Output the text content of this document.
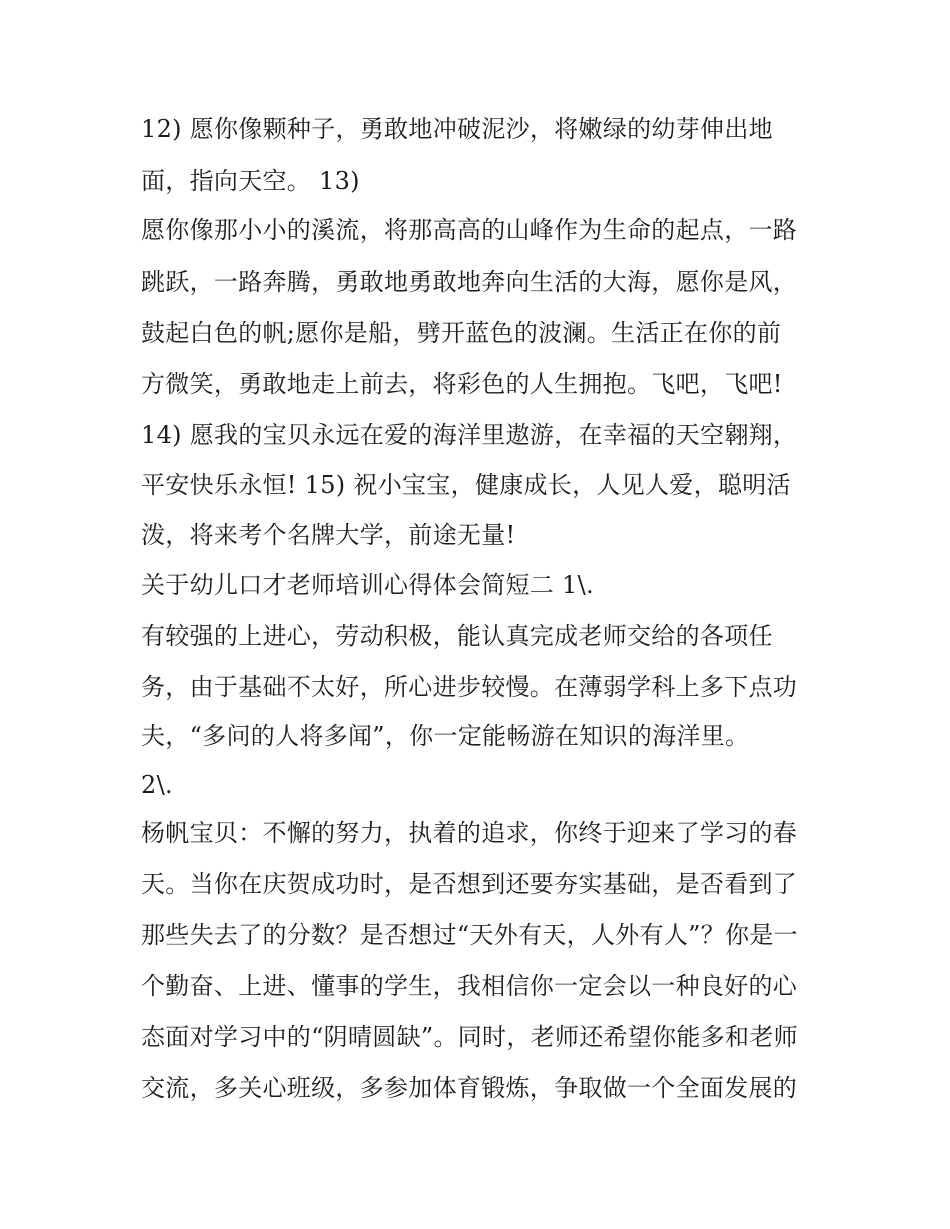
12) 愿你像颗种子，勇敢地冲破泥沙，将嫩绿的幼芽伸出地
面，指向天空。 13)
愿你像那小小的溪流，将那高高的山峰作为生命的起点，一路
跳跃，一路奔腾，勇敢地勇敢地奔向生活的大海，愿你是风，
鼓起白色的帆;愿你是船，劈开蓝色的波澜。生活正在你的前
方微笑，勇敢地走上前去，将彩色的人生拥抱。飞吧，飞吧!
14) 愿我的宝贝永远在爱的海洋里遨游，在幸福的天空翱翔，
平安快乐永恒! 15) 祝小宝宝，健康成长，人见人爱，聪明活
泼，将来考个名牌大学，前途无量!
关于幼儿口才老师培训心得体会简短二 1\.
有较强的上进心，劳动积极，能认真完成老师交给的各项任
务，由于基础不太好，所心进步较慢。在薄弱学科上多下点功
夫，“多问的人将多闻”，你一定能畅游在知识的海洋里。
2\.
杨帆宝贝：不懈的努力，执着的追求，你终于迎来了学习的春
天。当你在庆贺成功时，是否想到还要夯实基础，是否看到了
那些失去了的分数？是否想过“天外有天，人外有人”？你是一
个勤奋、上进、懂事的学生，我相信你一定会以一种良好的心
态面对学习中的“阴晴圆缺”。同时，老师还希望你能多和老师
交流，多关心班级，多参加体育锻炼，争取做一个全面发展的
